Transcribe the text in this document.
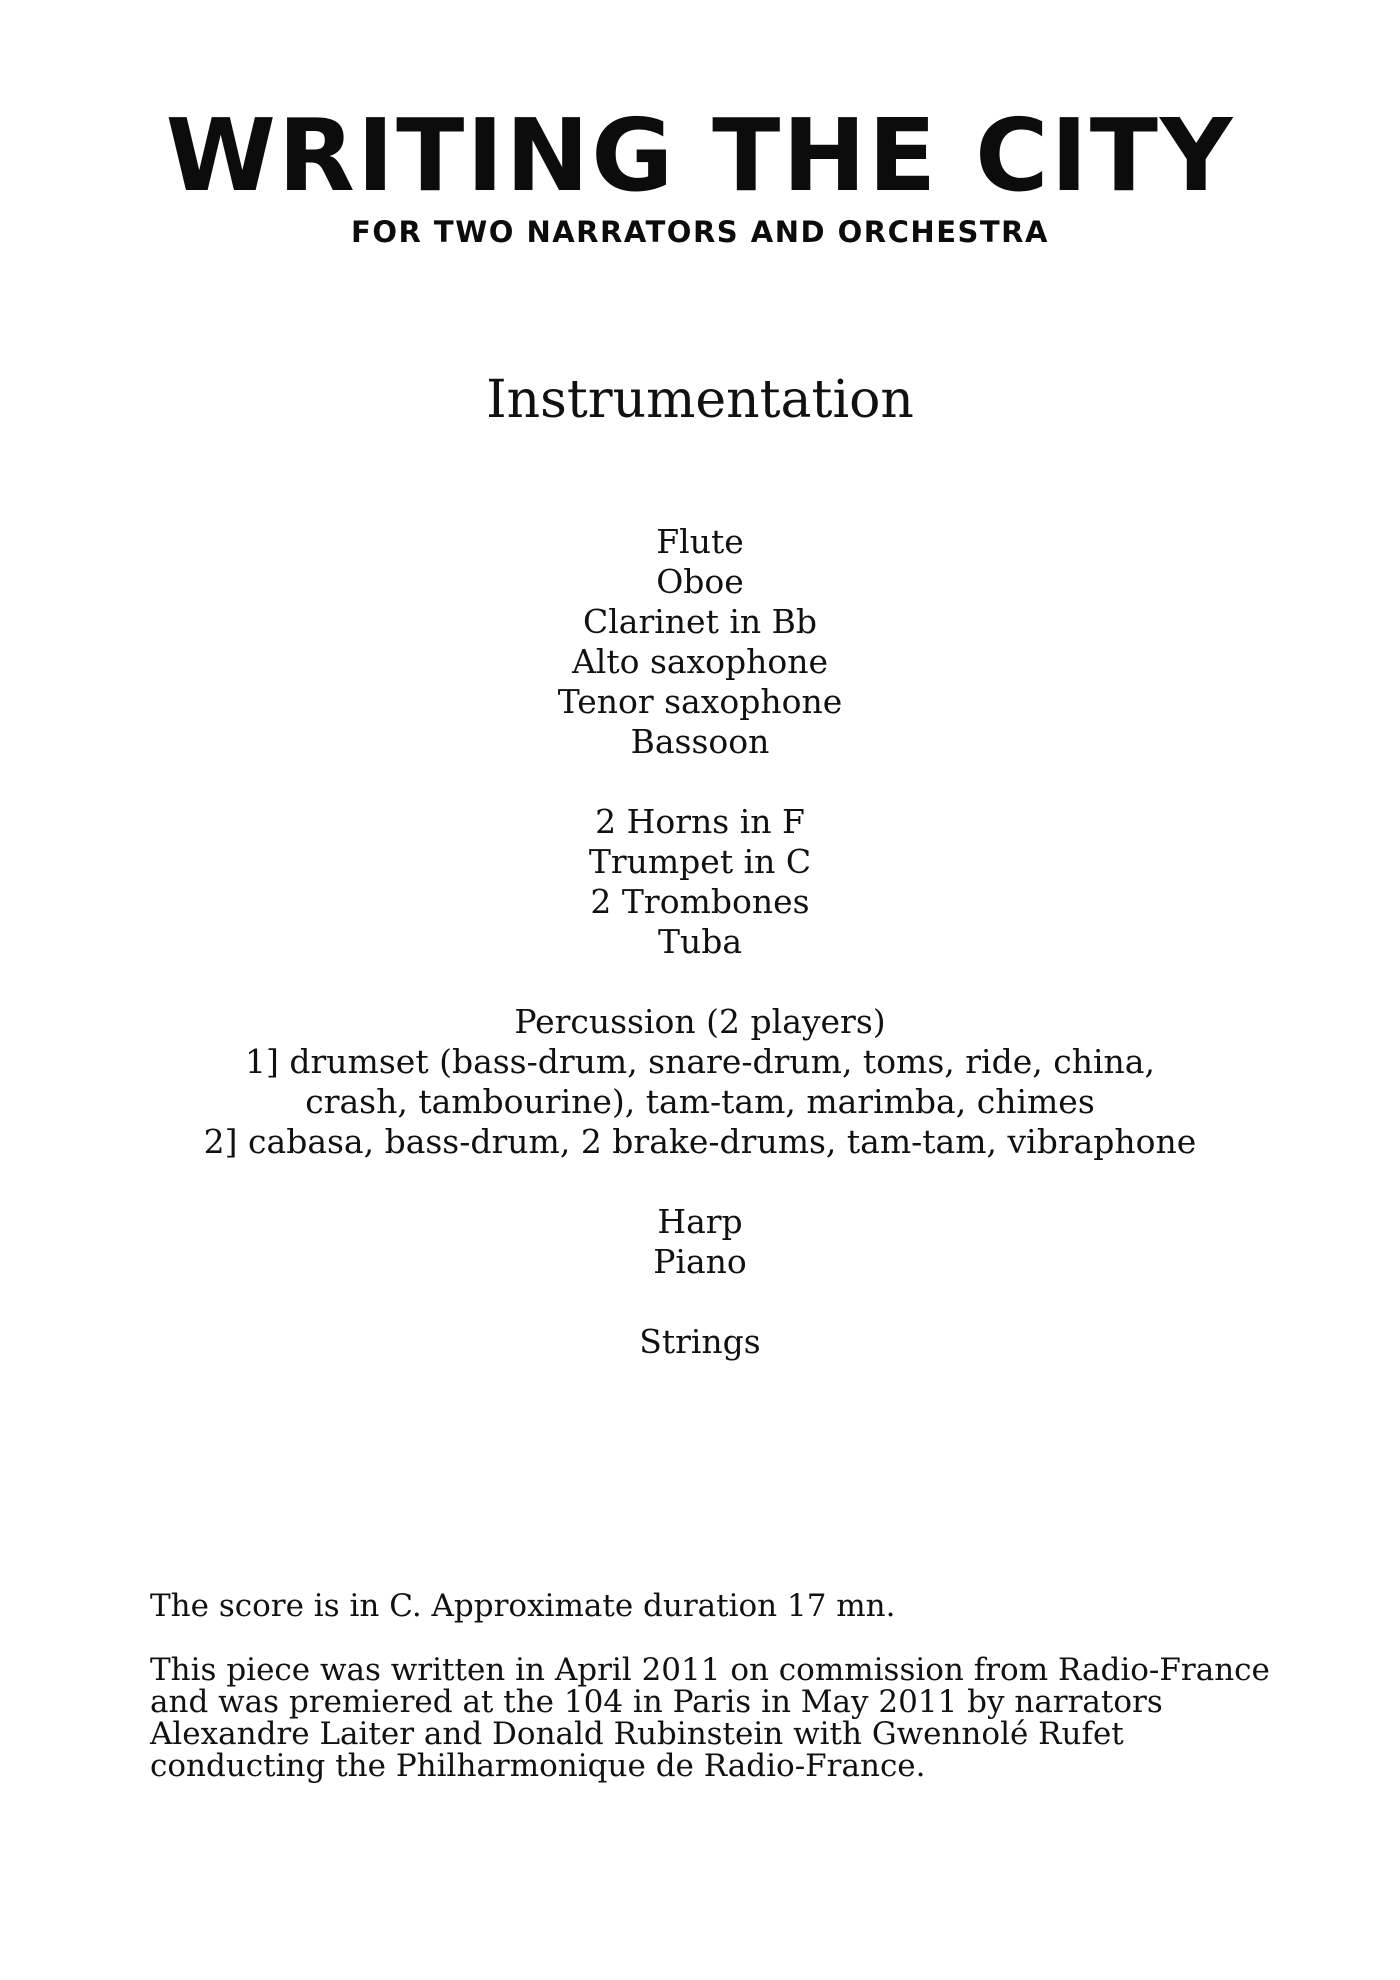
WRITING THE CITY
FOR TWO NARRATORS AND ORCHESTRA
Instrumentation
Flute
Oboe
Clarinet in Bb
Alto saxophone
Tenor saxophone
Bassoon
2 Horns in F
Trumpet in C
2 Trombones
Tuba
Percussion (2 players)
1] drumset (bass-drum, snare-drum, toms, ride, china,
crash, tambourine), tam-tam, marimba, chimes
2] cabasa, bass-drum, 2 brake-drums, tam-tam, vibraphone
Harp
Piano
Strings

The score is in C. Approximate duration 17 mn.

This piece was written in April 2011 on commission from Radio-France and was premiered at the 104 in Paris in May 2011 by narrators Alexandre Laiter and Donald Rubinstein with Gwennolé Rufet conducting the Philharmonique de Radio-France.
